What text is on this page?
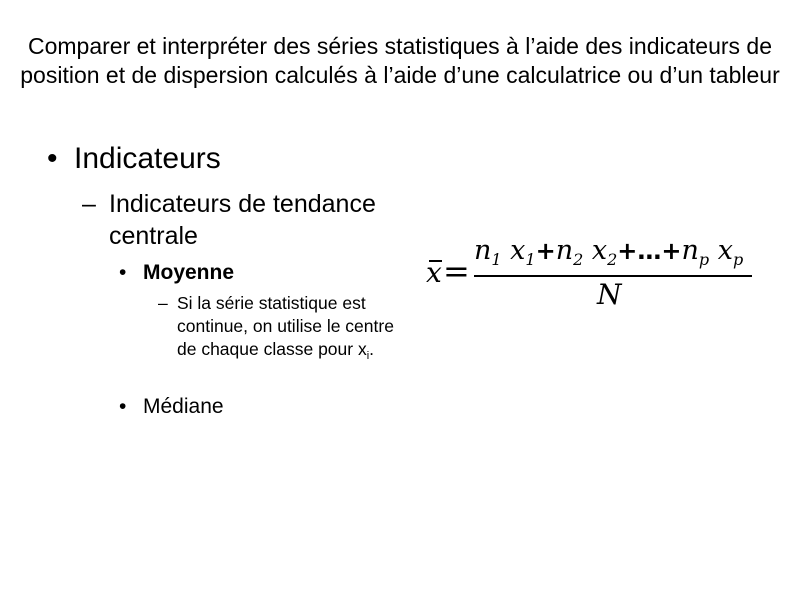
Comparer et interpréter des séries statistiques à l’aide des indicateurs de position et de dispersion calculés à l’aide d’une calculatrice ou d’un tableur
• Indicateurs
– Indicateurs de tendance centrale
• Moyenne
– Si la série statistique est continue, on utilise le centre de chaque classe pour $x_i$.
• Médiane
x =
$n_1$ $x_1+n_2$ $x_2+\dots+n_p$ $x_p$
N
